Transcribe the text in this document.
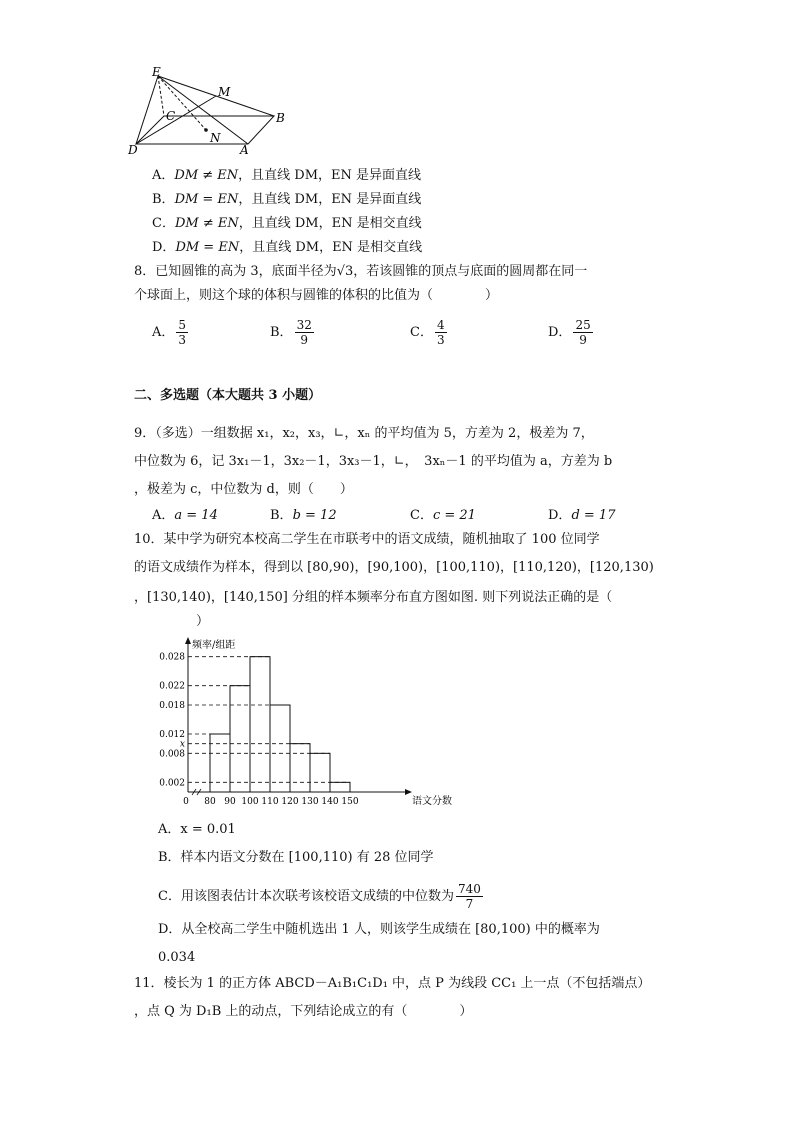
E
M
C
N
B
D	A
A．DM ≠ EN，且直线 DM，EN 是异面直线
B．DM = EN，且直线 DM，EN 是异面直线
C．DM ≠ EN，且直线 DM，EN 是相交直线
D．DM = EN，且直线 DM，EN 是相交直线
8．已知圆锥的高为 3，底面半径为√3，若该圆锥的顶点与底面的圆周都在同一
个球面上，则这个球的体积与圆锥的体积的比值为（　　　　）
A． $\frac{5}{3}$	B． $\frac{32}{9}$	C． $\frac{4}{3}$	D． $\frac{25}{9}$
二、多选题（本大题共 3 小题）
9．（多选）一组数据 x₁，x₂，x₃，∟，xₙ 的平均值为 5，方差为 2，极差为 7，
中位数为 6，记 3x₁－1，3x₂－1，3x₃－1，∟，　3xₙ－1 的平均值为 a，方差为 b
，极差为 c，中位数为 d，则（　　）
A．a = 14	B．b = 12	C．c = 21	D．d = 17
10．某中学为研究本校高二学生在市联考中的语文成绩，随机抽取了 100 位同学
的语文成绩作为样本，得到以 [80,90)，[90,100)，[100,110)，[110,120)，[120,130)
，[130,140)，[140,150] 分组的样本频率分布直方图如图. 则下列说法正确的是（
）
频率/组距
语文分数
0.028
0.022
0.018
0.012
x
0.008
0.002
0 80 90 100 110 120 130 140 150
A．x = 0.01
B．样本内语文分数在 [100,110) 有 28 位同学
C．用该图表估计本次联考该校语文成绩的中位数为 $\frac{740}{7}$
D．从全校高二学生中随机选出 1 人，则该学生成绩在 [80,100) 中的概率为
0.034
11．棱长为 1 的正方体 ABCD－A₁B₁C₁D₁ 中，点 P 为线段 CC₁ 上一点（不包括端点）
，点 Q 为 D₁B 上的动点，下列结论成立的有（　　　　）
